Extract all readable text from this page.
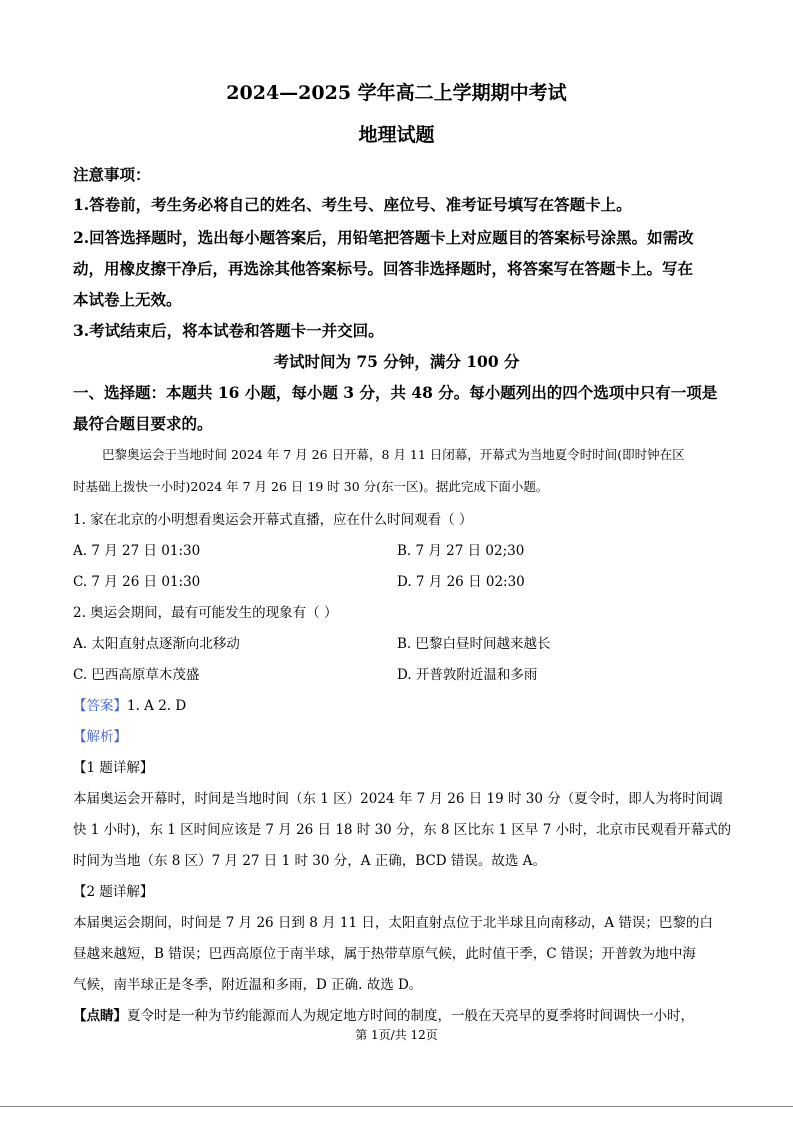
2024—2025 学年高二上学期期中考试
地理试题
注意事项：
1.答卷前，考生务必将自己的姓名、考生号、座位号、准考证号填写在答题卡上。
2.回答选择题时，选出每小题答案后，用铅笔把答题卡上对应题目的答案标号涂黑。如需改
动，用橡皮擦干净后，再选涂其他答案标号。回答非选择题时，将答案写在答题卡上。写在
本试卷上无效。
3.考试结束后，将本试卷和答题卡一并交回。
考试时间为 75 分钟，满分 100 分
一、选择题：本题共 16 小题，每小题 3 分，共 48 分。每小题列出的四个选项中只有一项是
最符合题目要求的。
巴黎奥运会于当地时间 2024 年 7 月 26 日开幕，8 月 11 日闭幕，开幕式为当地夏令时时间(即时钟在区
时基础上拨快一小时)2024 年 7 月 26 日 19 时 30 分(东一区)。据此完成下面小题。
1. 家在北京的小明想看奥运会开幕式直播，应在什么时间观看（ ）
A. 7 月 27 日 01:30	B. 7 月 27 日 02;30
C. 7 月 26 日 01:30	D. 7 月 26 日 02:30
2. 奥运会期间，最有可能发生的现象有（ ）
A. 太阳直射点逐渐向北移动	B. 巴黎白昼时间越来越长
C. 巴西高原草木茂盛	D. 开普敦附近温和多雨
【答案】1. A 2. D
【解析】
【1 题详解】
本届奥运会开幕时，时间是当地时间（东 1 区）2024 年 7 月 26 日 19 时 30 分（夏令时，即人为将时间调
快 1 小时)，东 1 区时间应该是 7 月 26 日 18 时 30 分，东 8 区比东 1 区早 7 小时，北京市民观看开幕式的
时间为当地（东 8 区）7 月 27 日 1 时 30 分，A 正确，BCD 错误。故选 A。
【2 题详解】
本届奥运会期间，时间是 7 月 26 日到 8 月 11 日，太阳直射点位于北半球且向南移动，A 错误；巴黎的白
昼越来越短，B 错误；巴西高原位于南半球，属于热带草原气候，此时值干季，C 错误；开普敦为地中海
气候，南半球正是冬季，附近温和多雨，D 正确. 故选 D。
【点睛】夏令时是一种为节约能源而人为规定地方时间的制度，一般在天亮早的夏季将时间调快一小时，
第 1页/共 12页
